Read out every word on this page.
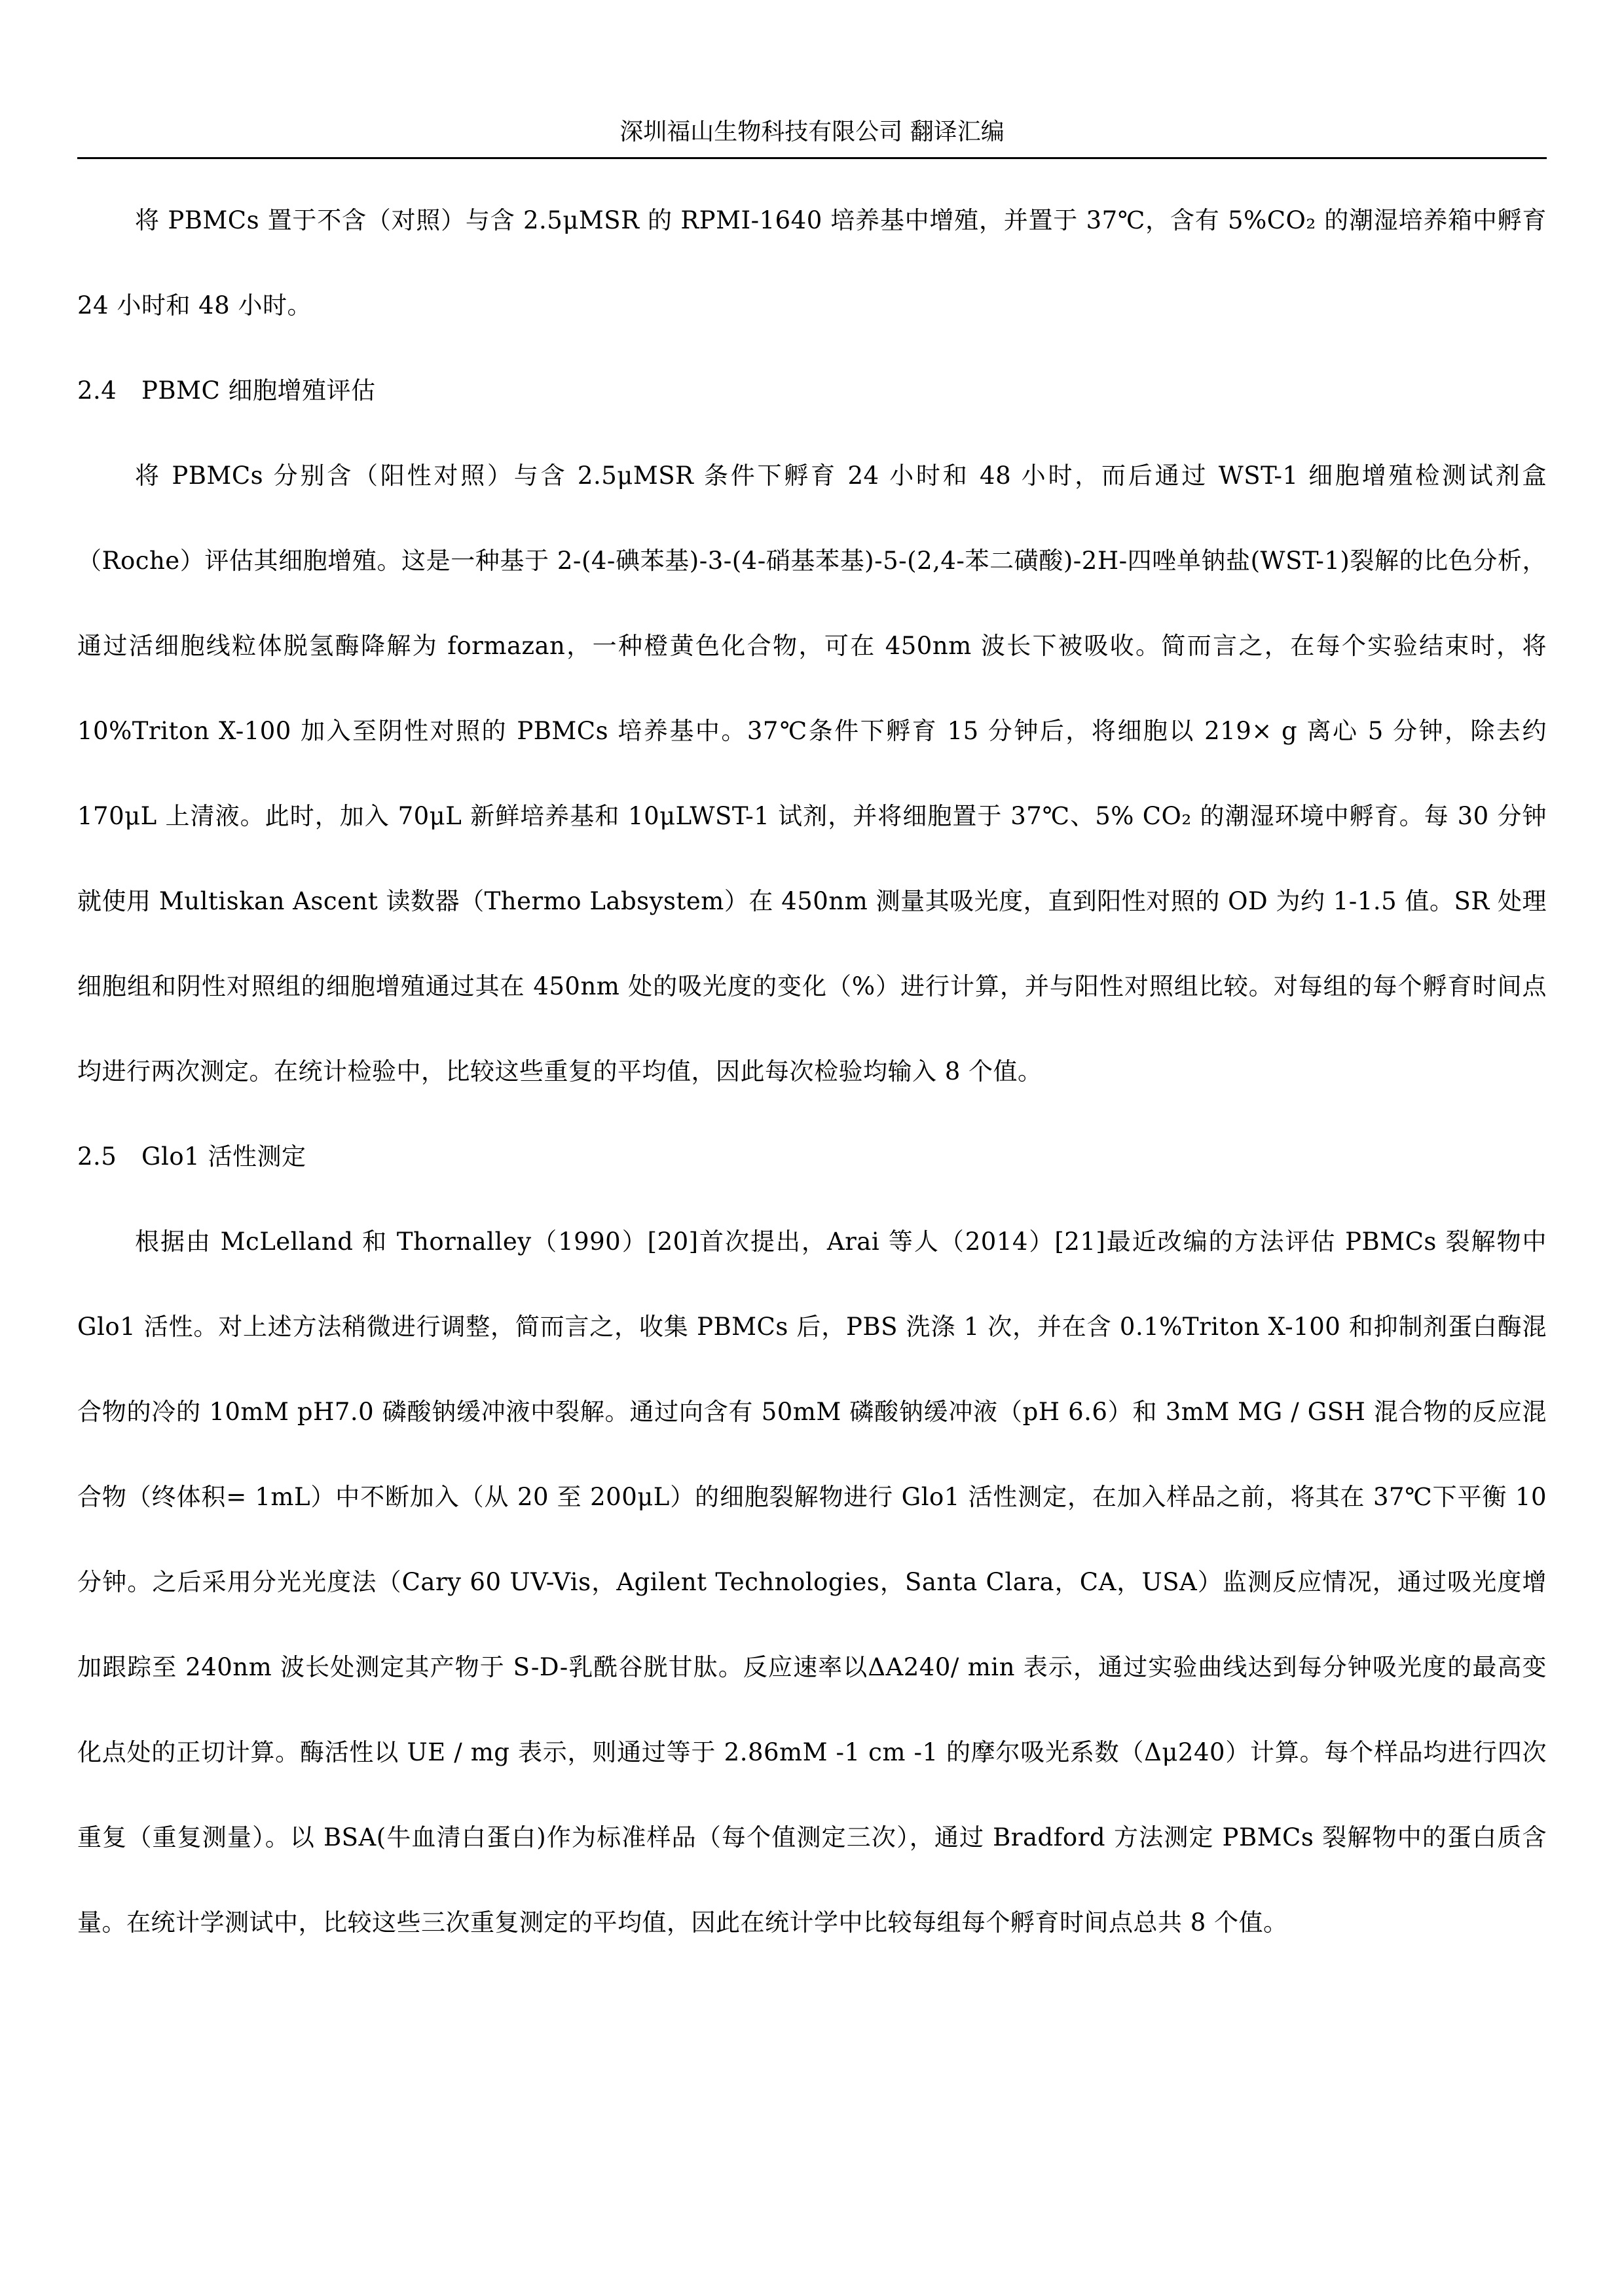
深圳福山生物科技有限公司 翻译汇编

将 PBMCs 置于不含（对照）与含 2.5μMSR 的 RPMI-1640 培养基中增殖，并置于 37℃，含有 5%CO₂ 的潮湿培养箱中孵育 24 小时和 48 小时。

2.4 PBMC 细胞增殖评估

将 PBMCs 分别含（阳性对照）与含 2.5μMSR 条件下孵育 24 小时和 48 小时，而后通过 WST-1 细胞增殖检测试剂盒（Roche）评估其细胞增殖。这是一种基于 2-(4-碘苯基)-3-(4-硝基苯基)-5-(2,4-苯二磺酸)-2H-四唑单钠盐(WST-1)裂解的比色分析，通过活细胞线粒体脱氢酶降解为 formazan，一种橙黄色化合物，可在 450nm 波长下被吸收。简而言之，在每个实验结束时，将 10%Triton X-100 加入至阴性对照的 PBMCs 培养基中。37℃条件下孵育 15 分钟后，将细胞以 219× g 离心 5 分钟，除去约 170μL 上清液。此时，加入 70μL 新鲜培养基和 10μLWST-1 试剂，并将细胞置于 37℃、5% CO₂ 的潮湿环境中孵育。每 30 分钟就使用 Multiskan Ascent 读数器（Thermo Labsystem）在 450nm 测量其吸光度，直到阳性对照的 OD 为约 1-1.5 值。SR 处理细胞组和阴性对照组的细胞增殖通过其在 450nm 处的吸光度的变化（%）进行计算，并与阳性对照组比较。对每组的每个孵育时间点均进行两次测定。在统计检验中，比较这些重复的平均值，因此每次检验均输入 8 个值。

2.5 Glo1 活性测定

根据由 McLelland 和 Thornalley（1990）[20]首次提出，Arai 等人（2014）[21]最近改编的方法评估 PBMCs 裂解物中 Glo1 活性。对上述方法稍微进行调整，简而言之，收集 PBMCs 后，PBS 洗涤 1 次，并在含 0.1%Triton X-100 和抑制剂蛋白酶混合物的冷的 10mM pH7.0 磷酸钠缓冲液中裂解。通过向含有 50mM 磷酸钠缓冲液（pH 6.6）和 3mM MG / GSH 混合物的反应混合物（终体积= 1mL）中不断加入（从 20 至 200μL）的细胞裂解物进行 Glo1 活性测定，在加入样品之前，将其在 37℃下平衡 10 分钟。之后采用分光光度法（Cary 60 UV-Vis，Agilent Technologies，Santa Clara，CA，USA）监测反应情况，通过吸光度增加跟踪至 240nm 波长处测定其产物于 S-D-乳酰谷胱甘肽。反应速率以ΔA240/ min 表示，通过实验曲线达到每分钟吸光度的最高变化点处的正切计算。酶活性以 UE / mg 表示，则通过等于 2.86mM -1 cm -1 的摩尔吸光系数（Δμ240）计算。每个样品均进行四次重复（重复测量）。以 BSA(牛血清白蛋白)作为标准样品（每个值测定三次），通过 Bradford 方法测定 PBMCs 裂解物中的蛋白质含量。在统计学测试中，比较这些三次重复测定的平均值，因此在统计学中比较每组每个孵育时间点总共 8 个值。
